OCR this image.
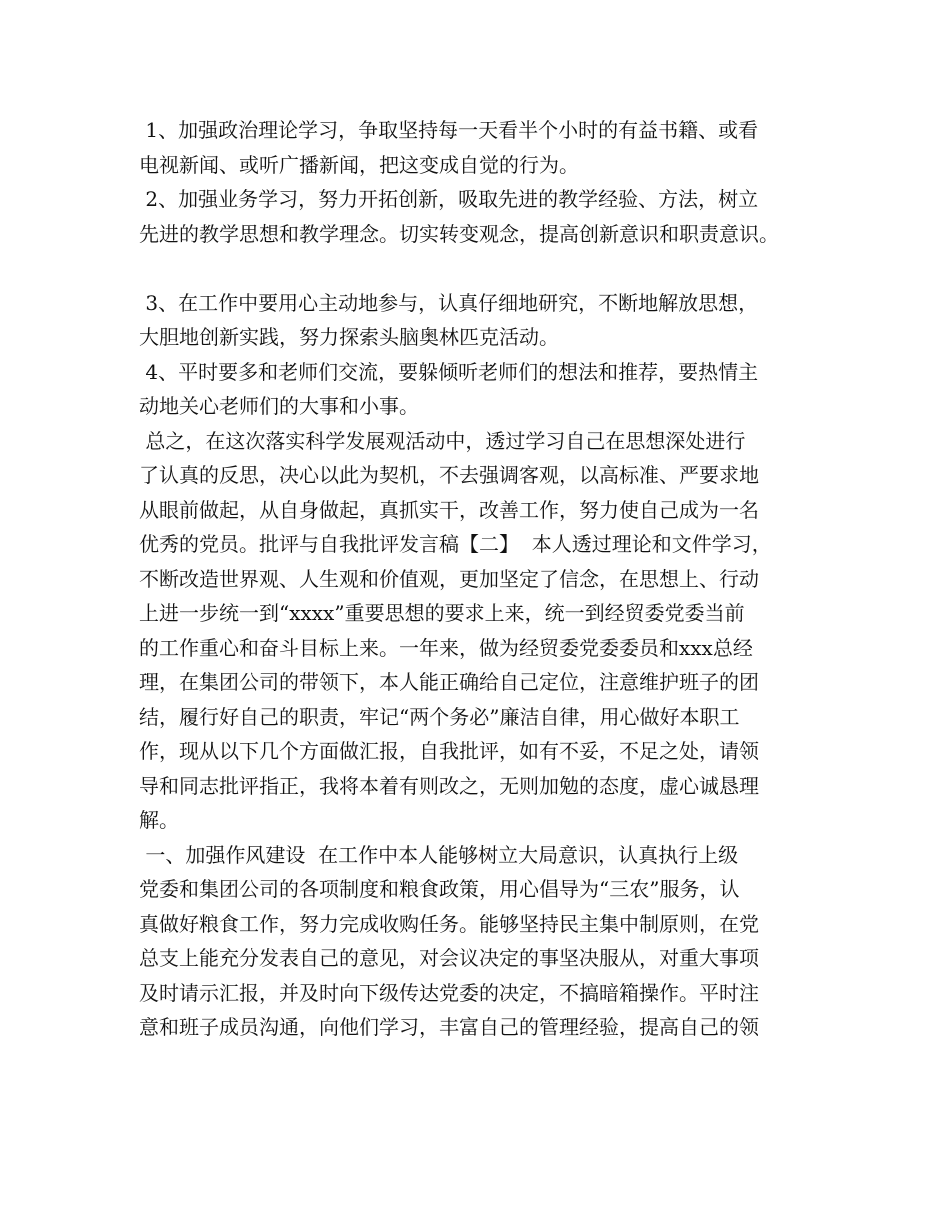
1、加强政治理论学习，争取坚持每一天看半个小时的有益书籍、或看
电视新闻、或听广播新闻，把这变成自觉的行为。
2、加强业务学习，努力开拓创新，吸取先进的教学经验、方法，树立
先进的教学思想和教学理念。切实转变观念，提高创新意识和职责意识。
3、在工作中要用心主动地参与，认真仔细地研究，不断地解放思想，
大胆地创新实践，努力探索头脑奥林匹克活动。
4、平时要多和老师们交流，要躲倾听老师们的想法和推荐，要热情主
动地关心老师们的大事和小事。
总之，在这次落实科学发展观活动中，透过学习自己在思想深处进行
了认真的反思，决心以此为契机，不去强调客观，以高标准、严要求地
从眼前做起，从自身做起，真抓实干，改善工作，努力使自己成为一名
优秀的党员。批评与自我批评发言稿【二】  本人透过理论和文件学习，
不断改造世界观、人生观和价值观，更加坚定了信念，在思想上、行动
上进一步统一到“xxxx”重要思想的要求上来，统一到经贸委党委当前
的工作重心和奋斗目标上来。一年来，做为经贸委党委委员和xxx总经
理，在集团公司的带领下，本人能正确给自己定位，注意维护班子的团
结，履行好自己的职责，牢记“两个务必”廉洁自律，用心做好本职工
作，现从以下几个方面做汇报，自我批评，如有不妥，不足之处，请领
导和同志批评指正，我将本着有则改之，无则加勉的态度，虚心诚恳理
解。
一、加强作风建设  在工作中本人能够树立大局意识，认真执行上级
党委和集团公司的各项制度和粮食政策，用心倡导为“三农”服务，认
真做好粮食工作，努力完成收购任务。能够坚持民主集中制原则，在党
总支上能充分发表自己的意见，对会议决定的事坚决服从，对重大事项
及时请示汇报，并及时向下级传达党委的决定，不搞暗箱操作。平时注
意和班子成员沟通，向他们学习，丰富自己的管理经验，提高自己的领
